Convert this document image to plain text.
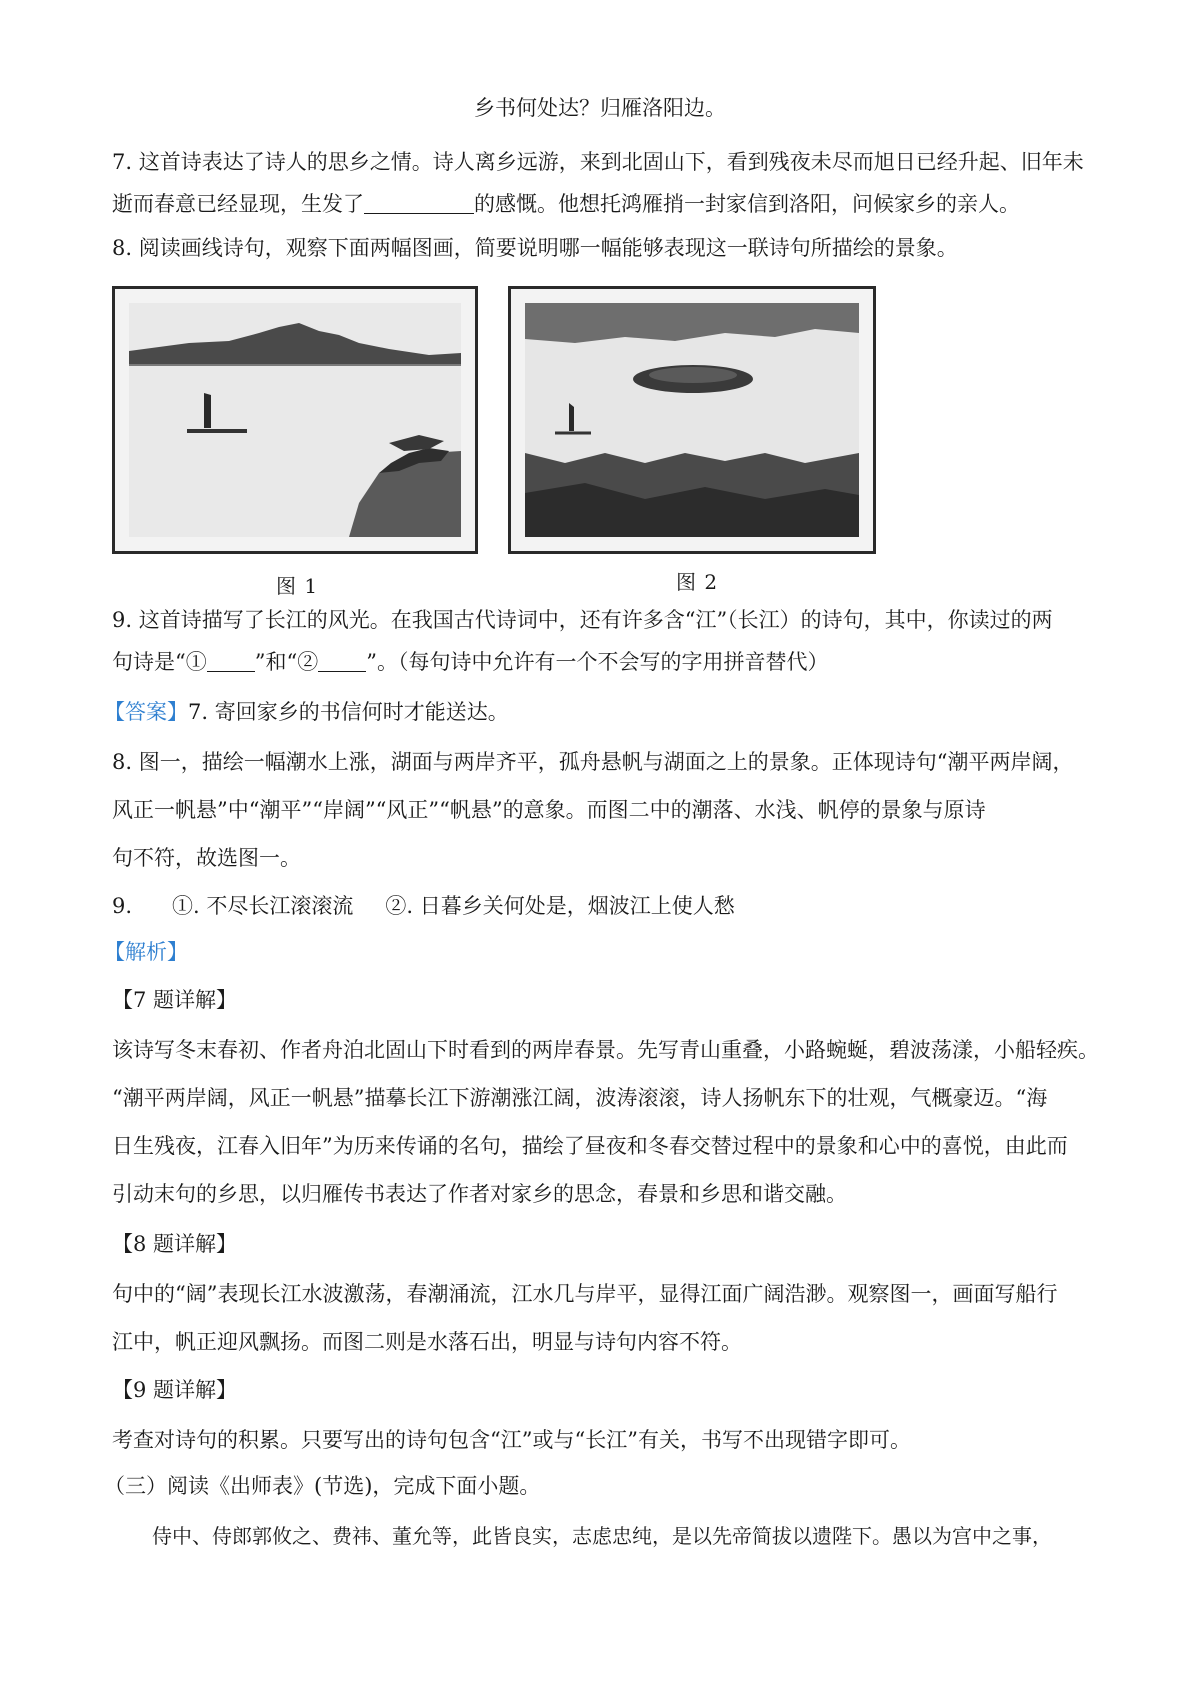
乡书何处达？归雁洛阳边。
7. 这首诗表达了诗人的思乡之情。诗人离乡远游，来到北固山下，看到残夜未尽而旭日已经升起、旧年未
逝而春意已经显现，生发了	的感慨。他想托鸿雁捎一封家信到洛阳，问候家乡的亲人。
8. 阅读画线诗句，观察下面两幅图画，简要说明哪一幅能够表现这一联诗句所描绘的景象。
图 1	图 2
9. 这首诗描写了长江的风光。在我国古代诗词中，还有许多含“江”（长江）的诗句，其中，你读过的两
句诗是“① ”和“② ”。（每句诗中允许有一个不会写的字用拼音替代）
【答案】7. 寄回家乡的书信何时才能送达。
8. 图一，描绘一幅潮水上涨，湖面与两岸齐平，孤舟悬帆与湖面之上的景象。正体现诗句“潮平两岸阔，
风正一帆悬”中“潮平”“岸阔”“风正”“帆悬”的意象。而图二中的潮落、水浅、帆停的景象与原诗
句不符，故选图一。
9. ①. 不尽长江滚滚流 ②. 日暮乡关何处是，烟波江上使人愁
【解析】
【7 题详解】
该诗写冬末春初、作者舟泊北固山下时看到的两岸春景。先写青山重叠，小路蜿蜒，碧波荡漾，小船轻疾。
“潮平两岸阔，风正一帆悬”描摹长江下游潮涨江阔，波涛滚滚，诗人扬帆东下的壮观，气概豪迈。“海
日生残夜，江春入旧年”为历来传诵的名句，描绘了昼夜和冬春交替过程中的景象和心中的喜悦，由此而
引动末句的乡思，以归雁传书表达了作者对家乡的思念，春景和乡思和谐交融。
【8 题详解】
句中的“阔”表现长江水波激荡，春潮涌流，江水几与岸平，显得江面广阔浩渺。观察图一，画面写船行
江中，帆正迎风飘扬。而图二则是水落石出，明显与诗句内容不符。
【9 题详解】
考查对诗句的积累。只要写出的诗句包含“江”或与“长江”有关，书写不出现错字即可。
（三）阅读《出师表》(节选)，完成下面小题。
侍中、侍郎郭攸之、费祎、董允等，此皆良实，志虑忠纯，是以先帝简拔以遗陛下。愚以为宫中之事，
